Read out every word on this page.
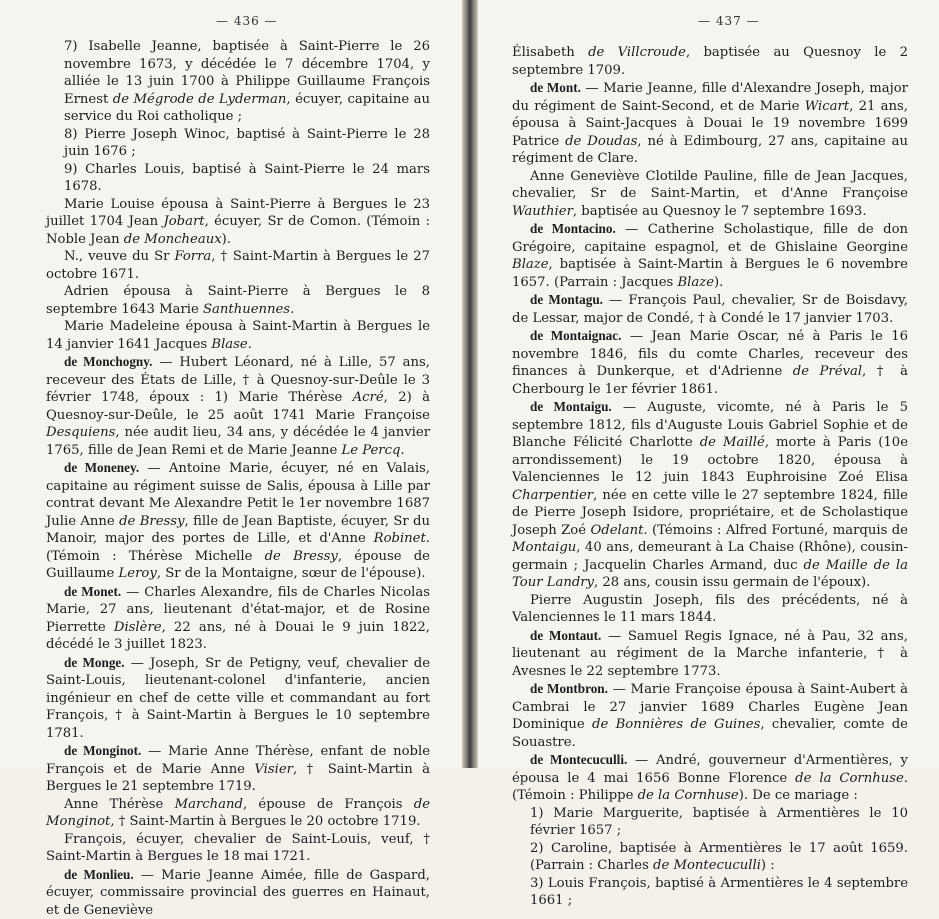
— 436 —

7) Isabelle Jeanne, baptisée à Saint-Pierre le 26 novembre 1673, y décédée le 7 décembre 1704, y alliée le 13 juin 1700 à Philippe Guillaume François Ernest de Mégrode de Lyderman, écuyer, capitaine au service du Roi catholique ;

8) Pierre Joseph Winoc, baptisé à Saint-Pierre le 28 juin 1676 ;

9) Charles Louis, baptisé à Saint-Pierre le 24 mars 1678.

Marie Louise épousa à Saint-Pierre à Bergues le 23 juillet 1704 Jean Jobart, écuyer, Sr de Comon. (Témoin : Noble Jean de Moncheaux).

N., veuve du Sr Forra, † Saint-Martin à Bergues le 27 octobre 1671.

Adrien épousa à Saint-Pierre à Bergues le 8 septembre 1643 Marie Santhuennes.

Marie Madeleine épousa à Saint-Martin à Bergues le 14 janvier 1641 Jacques Blase.

de Monchogny. — Hubert Léonard, né à Lille, 57 ans, receveur des États de Lille, † à Quesnoy-sur-Deûle le 3 février 1748, époux : 1) Marie Thérèse Acré, 2) à Quesnoy-sur-Deûle, le 25 août 1741 Marie Françoise Desquiens, née audit lieu, 34 ans, y décédée le 4 janvier 1765, fille de Jean Remi et de Marie Jeanne Le Percq.

de Moneney. — Antoine Marie, écuyer, né en Valais, capitaine au régiment suisse de Salis, épousa à Lille par contrat devant Me Alexandre Petit le 1er novembre 1687 Julie Anne de Bressy, fille de Jean Baptiste, écuyer, Sr du Manoir, major des portes de Lille, et d'Anne Robinet. (Témoin : Thérèse Michelle de Bressy, épouse de Guillaume Leroy, Sr de la Montaigne, sœur de l'épouse).

de Monet. — Charles Alexandre, fils de Charles Nicolas Marie, 27 ans, lieutenant d'état-major, et de Rosine Pierrette Dislère, 22 ans, né à Douai le 9 juin 1822, décédé le 3 juillet 1823.

de Monge. — Joseph, Sr de Petigny, veuf, chevalier de Saint-Louis, lieutenant-colonel d'infanterie, ancien ingénieur en chef de cette ville et commandant au fort François, † à Saint-Martin à Bergues le 10 septembre 1781.

de Monginot. — Marie Anne Thérèse, enfant de noble François et de Marie Anne Visier, † Saint-Martin à Bergues le 21 septembre 1719.

Anne Thérèse Marchand, épouse de François de Monginot, † Saint-Martin à Bergues le 20 octobre 1719.

François, écuyer, chevalier de Saint-Louis, veuf, † Saint-Martin à Bergues le 18 mai 1721.

de Monlieu. — Marie Jeanne Aimée, fille de Gaspard, écuyer, commissaire provincial des guerres en Hainaut, et de Geneviève

— 437 —

Élisabeth de Villcroude, baptisée au Quesnoy le 2 septembre 1709.

de Mont. — Marie Jeanne, fille d'Alexandre Joseph, major du régiment de Saint-Second, et de Marie Wicart, 21 ans, épousa à Saint-Jacques à Douai le 19 novembre 1699 Patrice de Doudas, né à Edimbourg, 27 ans, capitaine au régiment de Clare.

Anne Geneviève Clotilde Pauline, fille de Jean Jacques, chevalier, Sr de Saint-Martin, et d'Anne Françoise Wauthier, baptisée au Quesnoy le 7 septembre 1693.

de Montacino. — Catherine Scholastique, fille de don Grégoire, capitaine espagnol, et de Ghislaine Georgine Blaze, baptisée à Saint-Martin à Bergues le 6 novembre 1657. (Parrain : Jacques Blaze).

de Montagu. — François Paul, chevalier, Sr de Boisdavy, de Lessar, major de Condé, † à Condé le 17 janvier 1703.

de Montaignac. — Jean Marie Oscar, né à Paris le 16 novembre 1846, fils du comte Charles, receveur des finances à Dunkerque, et d'Adrienne de Préval, † à Cherbourg le 1er février 1861.

de Montaigu. — Auguste, vicomte, né à Paris le 5 septembre 1812, fils d'Auguste Louis Gabriel Sophie et de Blanche Félicité Charlotte de Maillé, morte à Paris (10e arrondissement) le 19 octobre 1820, épousa à Valenciennes le 12 juin 1843 Euphroisine Zoé Elisa Charpentier, née en cette ville le 27 septembre 1824, fille de Pierre Joseph Isidore, propriétaire, et de Scholastique Joseph Zoé Odelant. (Témoins : Alfred Fortuné, marquis de Montaigu, 40 ans, demeurant à La Chaise (Rhône), cousin-germain ; Jacquelin Charles Armand, duc de Maille de la Tour Landry, 28 ans, cousin issu germain de l'époux).

Pierre Augustin Joseph, fils des précédents, né à Valenciennes le 11 mars 1844.

de Montaut. — Samuel Regis Ignace, né à Pau, 32 ans, lieutenant au régiment de la Marche infanterie, † à Avesnes le 22 septembre 1773.

de Montbron. — Marie Françoise épousa à Saint-Aubert à Cambrai le 27 janvier 1689 Charles Eugène Jean Dominique de Bonnières de Guines, chevalier, comte de Souastre.

de Montecuculli. — André, gouverneur d'Armentières, y épousa le 4 mai 1656 Bonne Florence de la Cornhuse. (Témoin : Philippe de la Cornhuse). De ce mariage :

1) Marie Marguerite, baptisée à Armentières le 10 février 1657 ;

2) Caroline, baptisée à Armentières le 17 août 1659. (Parrain : Charles de Montecuculli) :

3) Louis François, baptisé à Armentières le 4 septembre 1661 ;
